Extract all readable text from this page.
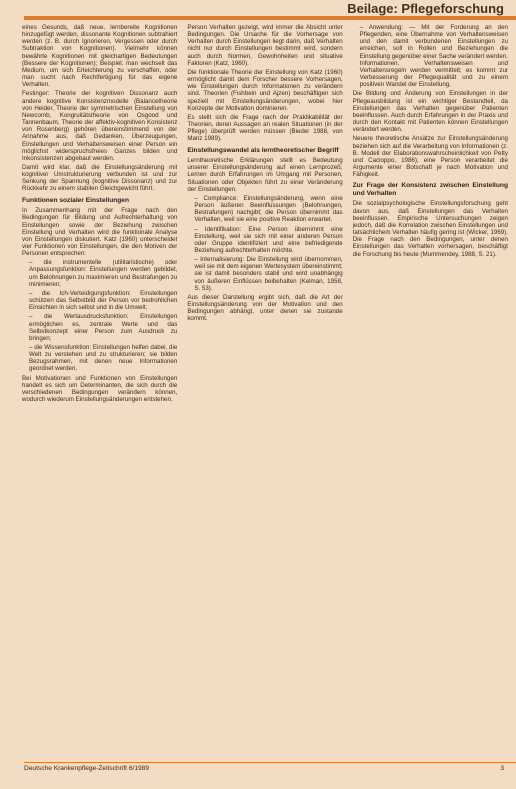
Beilage: Pflegeforschung

eines Gesunds, daß neue, lernbereite Kognitionen hinzugefügt werden, dissonante Kognitionen subtrahiert werden (z. B. durch Ignorieren, Vergessen oder durch Subtraktion von Kognitionen). Vielmehr können bewährte Kognitionen mit gleichartigen Bedeutungen (Bessere der Kognitionen); Beispiel: man wechselt das Medium, um sich Erleichterung zu verschaffen, oder man sucht nach Rechtfertigung für das eigene Verhalten.

Festinger: Theorie der kognitiven Dissonanz auch andere kognitive Konsistenzmodelle (Balancetheorie von Heider, Theorie der symmetrischen Einstellung von Newcomb, Kongruitätstheorie von Osgood und Tannenbaum, Theorie der affektiv-kognitiven Konsistenz von Rosenberg) gehören übereinstimmend von der Annahme aus, daß Gedanken, Überzeugungen, Einstellungen und Verhaltensweisen einer Person ein möglichst widerspruchsfreies Ganzes bilden und Inkonsistenzen abgebaut werden.

Damit wird klar, daß die Einstellungsänderung mit kognitiver Umstrukturierung verbunden ist und zur Senkung der Spannung (kognitive Dissonanz) und zur Rückkehr zu einem stabilen Gleichgewicht führt.

Funktionen sozialer Einstellungen

In Zusammenhang mit der Frage nach den Bedingungen für Bildung und Aufrechterhaltung von Einstellungen sowie der Beziehung zwischen Einstellung und Verhalten wird die funktionale Analyse von Einstellungen diskutiert. Katz (1960) unterscheidet vier Funktionen von Einstellungen, die den Motiven der Personen entsprechen:

– die instrumentelle (utilitaristische) oder Anpassungsfunktion: Einstellungen werden gebildet, um Belohnungen zu maximieren und Bestrafungen zu minimieren;

– die Ich-Verteidigungsfunktion: Einstellungen schützen das Selbstbild der Person vor bedrohlichen Einsichten in sich selbst und in die Umwelt;

– die Wertausdrucksfunktion: Einstellungen ermöglichen es, zentrale Werte und das Selbstkonzept einer Person zum Ausdruck zu bringen;

– die Wissensfunktion: Einstellungen helfen dabei, die Welt zu verstehen und zu strukturieren; sie bilden Bezugsrahmen, mit denen neue Informationen geordnet werden.

Bei Motivationen und Funktionen von Einstellungen handelt es sich um Determinanten, die sich durch die verschiedenen Bedingungen verändern können, wodurch wiederum Einstellungsänderungen entstehen.

Person Verhalten gezeigt, wird immer die Absicht unter Bedingungen. Die Ursache für die Vorhersage von Verhalten durch Einstellungen liegt darin, daß Verhalten nicht nur durch Einstellungen bestimmt wird, sondern auch durch Normen, Gewohnheiten und situative Faktoren (Katz, 1960).

Die funktionale Theorie der Einstellung von Katz (1960) ermöglicht damit dem Forscher bessere Vorhersagen, wie Einstellungen durch Informationen zu verändern sind. Theorien (Fishbein und Ajzen) beschäftigen sich speziell mit Einstellungsänderungen, wobei hier Konzepte der Motivation dominieren.

Es stellt sich die Frage nach der Praktikabilität der Theorien, deren Aussagen an realen Situationen (in der Pflege) überprüft werden müssen (Bieder 1988, von Manz 1989).

Einstellungswandel als lerntheoretischer Begriff

Lerntheoretische Erklärungen stellt es Bedeutung unserer Einstellungsänderung auf einen Lernprozeß; Lernen durch Erfahrungen im Umgang mit Personen, Situationen oder Objekten führt zu einer Veränderung der Einstellungen.

– Compliance: Einstellungsänderung, wenn eine Person äußeren Beeinflussungen (Belohnungen, Bestrafungen) nachgibt; die Person übernimmt das Verhalten, weil sie eine positive Reaktion erwartet.

– Identifikation: Eine Person übernimmt eine Einstellung, weil sie sich mit einer anderen Person oder Gruppe identifiziert und eine befriedigende Beziehung aufrechterhalten möchte.

– Internalisierung: Die Einstellung wird übernommen, weil sie mit dem eigenen Wertesystem übereinstimmt; sie ist damit besonders stabil und wird unabhängig von äußeren Einflüssen beibehalten (Kelman, 1958, S. 53).

Aus dieser Darstellung ergibt sich, daß die Art der Einstellungsänderung von der Motivation und den Bedingungen abhängt, unter denen sie zustande kommt.

– Anwendung: — Mit der Forderung an den Pflegenden, eine Übernahme von Verhaltensweisen und den damit verbundenen Einstellungen zu erreichen, soll in Rollen und Beziehungen die Einstellung gegenüber einer Sache verändert werden. Informationen, Verhaltensweisen und Verhaltensregeln werden vermittelt; es kommt zur Verbesserung der Pflegequalität und zu einem positiven Wandel der Einstellung.

Die Bildung und Änderung von Einstellungen in der Pflegeausbildung ist ein wichtiger Bestandteil, da Einstellungen das Verhalten gegenüber Patienten beeinflussen. Auch durch Erfahrungen in der Praxis und durch den Kontakt mit Patienten können Einstellungen verändert werden.

Neuere theoretische Ansätze zur Einstellungsänderung beziehen sich auf die Verarbeitung von Informationen (z. B. Modell der Elaborationswahrscheinlichkeit von Petty und Cacioppo, 1986); eine Person verarbeitet die Argumente einer Botschaft je nach Motivation und Fähigkeit.

Zur Frage der Konsistenz zwischen Einstellung und Verhalten

Die sozialpsychologische Einstellungsforschung geht davon aus, daß Einstellungen das Verhalten beeinflussen. Empirische Untersuchungen zeigen jedoch, daß die Korrelation zwischen Einstellungen und tatsächlichem Verhalten häufig gering ist (Wicker, 1969). Die Frage nach den Bedingungen, unter denen Einstellungen das Verhalten vorhersagen, beschäftigt die Forschung bis heute (Mummendey, 1988, S. 21).

Deutsche Krankenpflege-Zeitschrift 6/1989	3
